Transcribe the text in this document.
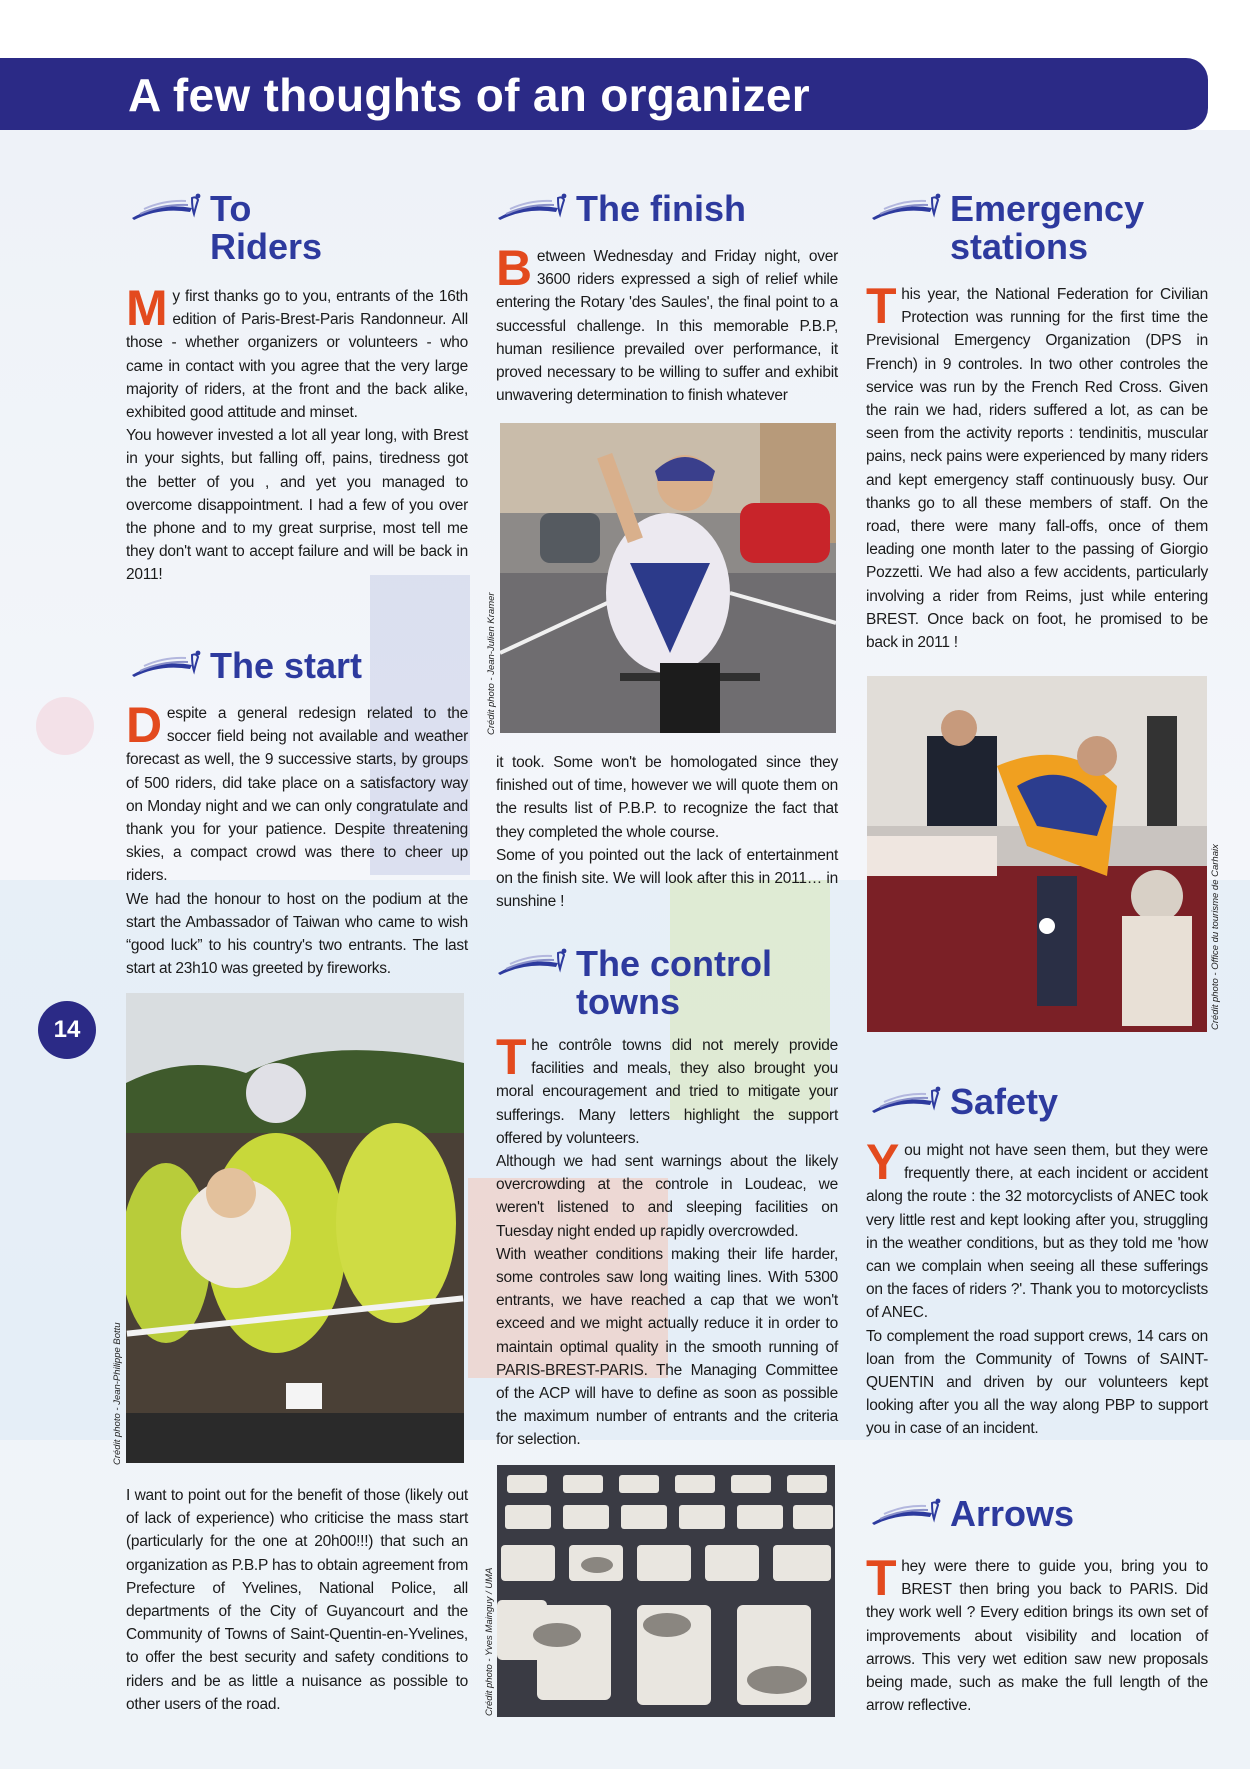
A few thoughts of an organizer
14
To
Riders

My first thanks go to you, entrants of the 16th edition of Paris-Brest-Paris Randonneur. All those - whether organizers or volunteers - who came in contact with you agree that the very large majority of riders, at the front and the back alike, exhibited good attitude and minset.

You however invested a lot all year long, with Brest in your sights, but falling off, pains, tiredness got the better of you , and yet you managed to overcome disappointment. I had a few of you over the phone and to my great surprise, most tell me they don't want to accept failure and will be back in 2011!

The start

Despite a general redesign related to the soccer field being not available and weather forecast as well, the 9 successive starts, by groups of 500 riders, did take place on a satisfactory way on Monday night and we can only congratulate and thank you for your patience. Despite threatening skies, a compact crowd was there to cheer up riders.

We had the honour to host on the podium at the start the Ambassador of Taiwan who came to wish “good luck” to his country's two entrants. The last start at 23h10 was greeted by fireworks.

Crédit photo - Jean-Philippe Bottu

I want to point out for the benefit of those (likely out of lack of experience) who criticise the mass start (particularly for the one at 20h00!!!) that such an organization as P.B.P has to obtain agreement from Prefecture of Yvelines, National Police, all departments of the City of Guyancourt and the Community of Towns of Saint-Quentin-en-Yvelines, to offer the best security and safety conditions to riders and be as little a nuisance as possible to other users of the road.

The finish

Between Wednesday and Friday night, over 3600 riders expressed a sigh of relief while entering the Rotary 'des Saules', the final point to a successful challenge. In this memorable P.B.P, human resilience prevailed over performance, it proved necessary to be willing to suffer and exhibit unwavering determination to finish whatever

Crédit photo - Jean-Julien Kramer

it took. Some won't be homologated since they finished out of time, however we will quote them on the results list of P.B.P. to recognize the fact that they completed the whole course.

Some of you pointed out the lack of entertainment on the finish site. We will look after this in 2011… in sunshine !

The control
towns

The contrôle towns did not merely provide facilities and meals, they also brought you moral encouragement and tried to mitigate your sufferings. Many letters highlight the support offered by volunteers.

Although we had sent warnings about the likely overcrowding at the controle in Loudeac, we weren't listened to and sleeping facilities on Tuesday night ended up rapidly overcrowded.

With weather conditions making their life harder, some controles saw long waiting lines. With 5300 entrants, we have reached a cap that we won't exceed and we might actually reduce it in order to maintain optimal quality in the smooth running of PARIS-BREST-PARIS. The Managing Committee of the ACP will have to define as soon as possible the maximum number of entrants and the criteria for selection.

Crédit photo - Yves Mainguy / UMA
Emergency
stations

This year, the National Federation for Civilian Protection was running for the first time the Previsional Emergency Organization (DPS in French) in 9 controles. In two other controles the service was run by the French Red Cross. Given the rain we had, riders suffered a lot, as can be seen from the activity reports : tendinitis, muscular pains, neck pains were experienced by many riders and kept emergency staff continuously busy. Our thanks go to all these members of staff. On the road, there were many fall-offs, once of them leading one month later to the passing of Giorgio Pozzetti. We had also a few accidents, particularly involving a rider from Reims, just while entering BREST. Once back on foot, he promised to be back in 2011 !

Crédit photo - Office du tourisme de Carhaix
Safety

You might not have seen them, but they were frequently there, at each incident or accident along the route : the 32 motorcyclists of ANEC took very little rest and kept looking after you, struggling in the weather conditions, but as they told me 'how can we complain when seeing all these sufferings on the faces of riders ?'. Thank you to motorcyclists of ANEC.

To complement the road support crews, 14 cars on loan from the Community of Towns of SAINT-QUENTIN and driven by our volunteers kept looking after you all the way along PBP to support you in case of an incident.

Arrows

They were there to guide you, bring you to BREST then bring you back to PARIS. Did they work well ? Every edition brings its own set of improvements about visibility and location of arrows. This very wet edition saw new proposals being made, such as make the full length of the arrow reflective.
